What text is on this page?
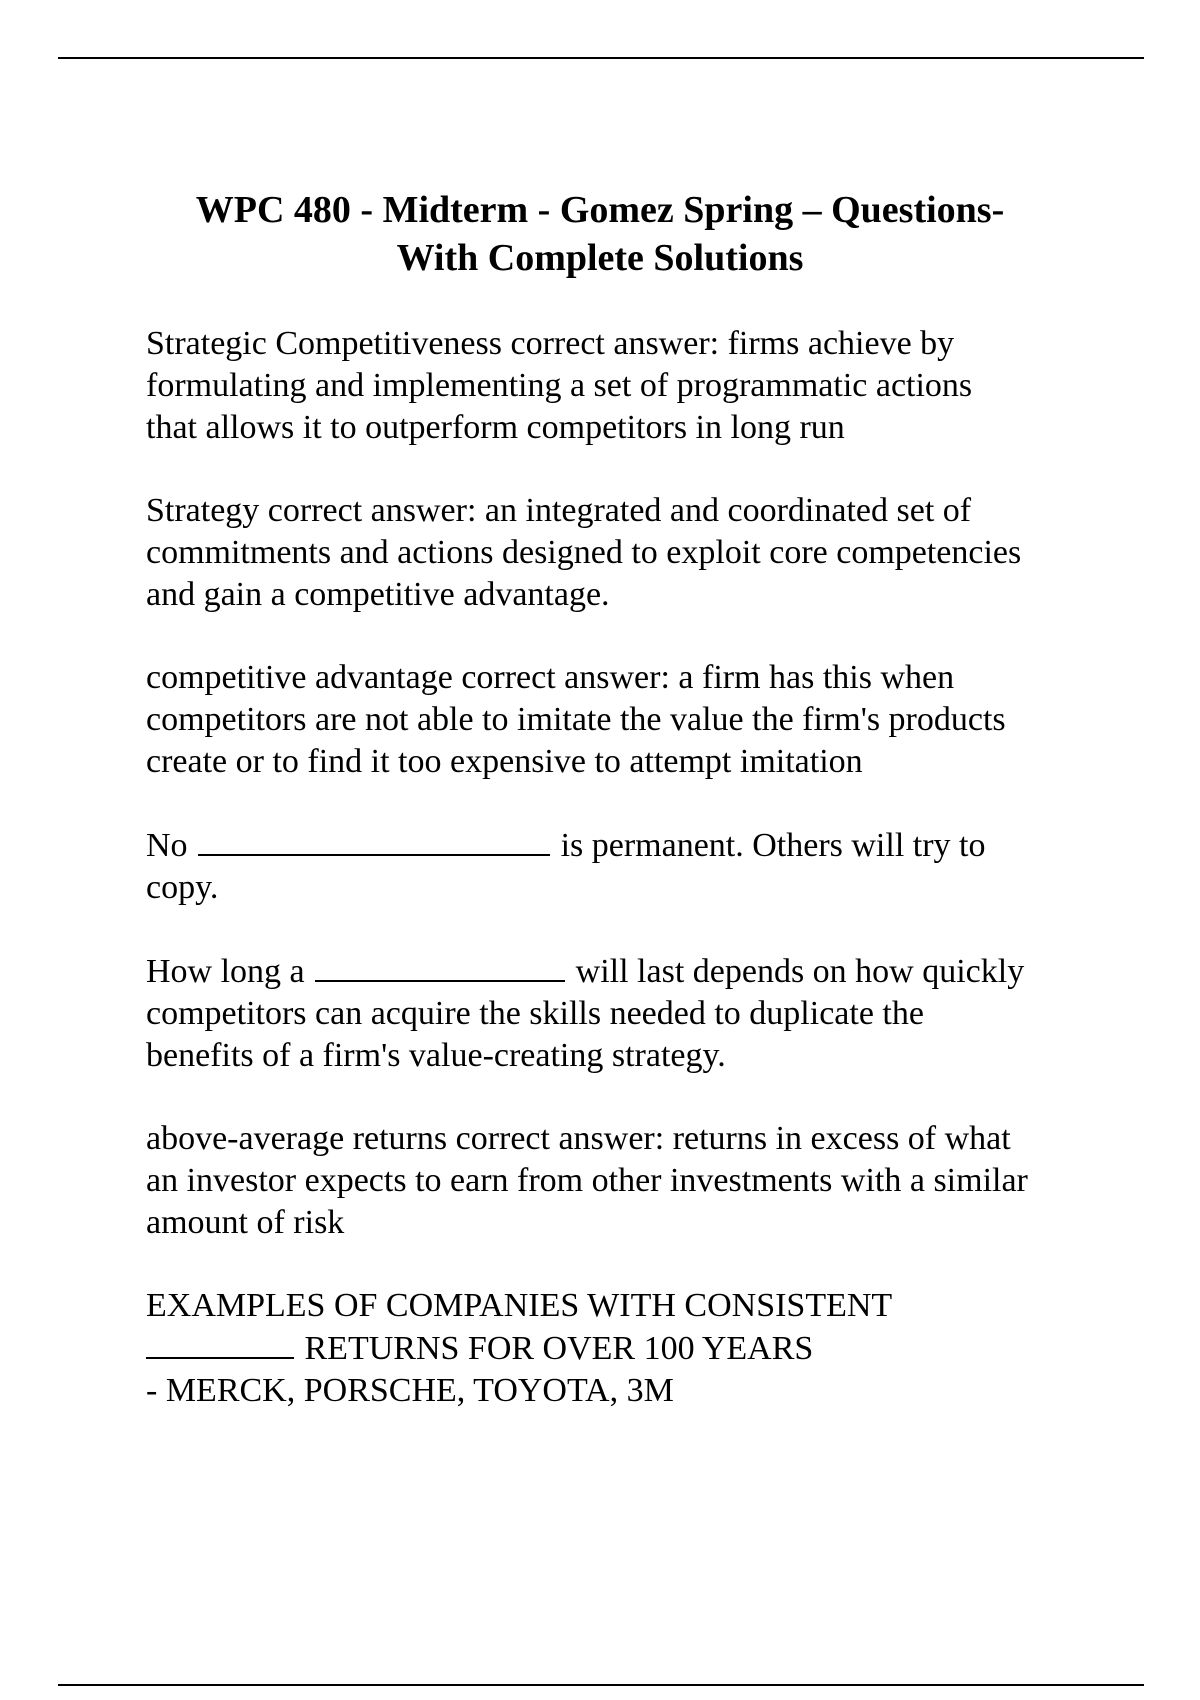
WPC 480 - Midterm - Gomez Spring – Questions-
With Complete Solutions
Strategic Competitiveness correct answer: firms achieve by
formulating and implementing a set of programmatic actions
that allows it to outperform competitors in long run
Strategy correct answer: an integrated and coordinated set of
commitments and actions designed to exploit core competencies
and gain a competitive advantage.
competitive advantage correct answer: a firm has this when
competitors are not able to imitate the value the firm's products
create or to find it too expensive to attempt imitation
No	is permanent. Others will try to
copy.
How long a	will last depends on how quickly
competitors can acquire the skills needed to duplicate the
benefits of a firm's value-creating strategy.
above-average returns correct answer: returns in excess of what
an investor expects to earn from other investments with a similar
amount of risk
EXAMPLES OF COMPANIES WITH CONSISTENT
RETURNS FOR OVER 100 YEARS
- MERCK, PORSCHE, TOYOTA, 3M
